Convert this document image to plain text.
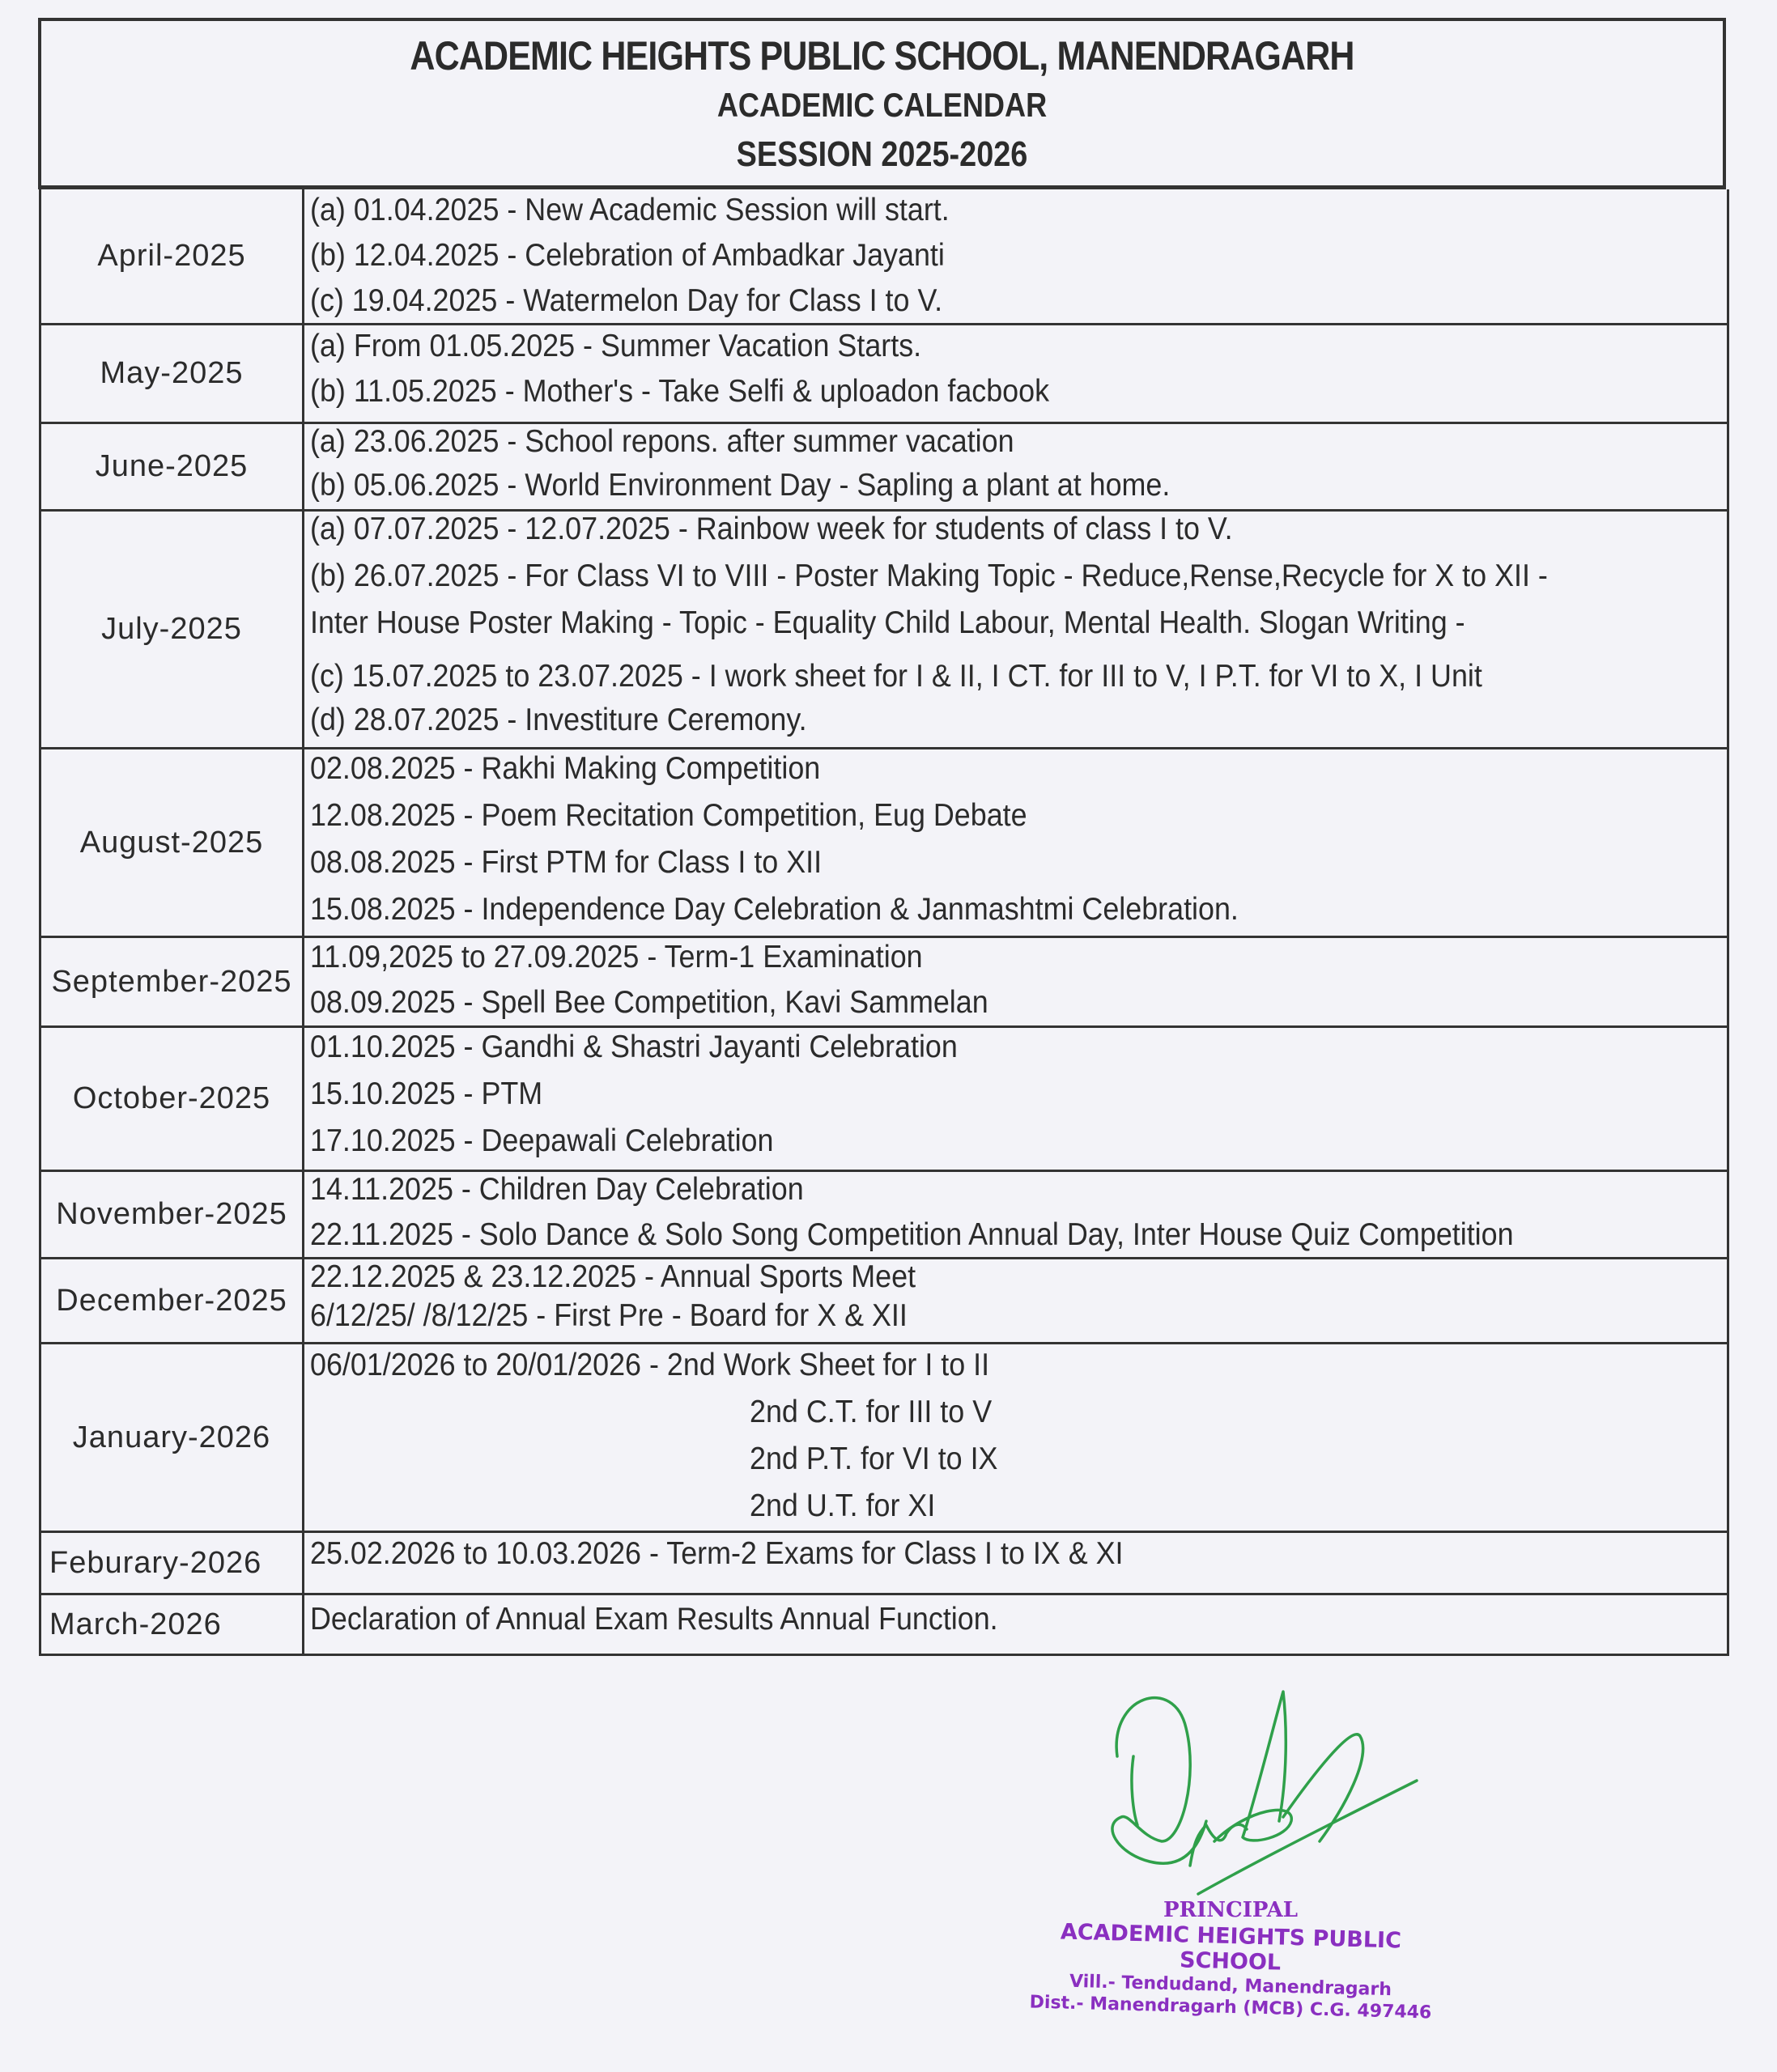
ACADEMIC HEIGHTS PUBLIC SCHOOL, MANENDRAGARH
ACADEMIC CALENDAR
SESSION 2025-2026
April-2025
(a) 01.04.2025 - New Academic Session will start.
(b) 12.04.2025 - Celebration of Ambadkar Jayanti
(c) 19.04.2025 - Watermelon Day for Class I to V.
May-2025
(a) From 01.05.2025 - Summer Vacation Starts.
(b) 11.05.2025 - Mother's - Take Selfi & uploadon facbook
June-2025
(a) 23.06.2025 - School repons. after summer vacation
(b) 05.06.2025 - World Environment Day - Sapling a plant at home.
July-2025
(a) 07.07.2025 - 12.07.2025 - Rainbow week for students of class I to V.
(b) 26.07.2025 - For Class VI to VIII - Poster Making Topic - Reduce,Rense,Recycle for X to XII -
Inter House Poster Making - Topic - Equality Child Labour, Mental Health. Slogan Writing -
(c) 15.07.2025 to 23.07.2025 - I work sheet for I & II, I CT. for III to V, I P.T. for VI to X, I Unit
(d) 28.07.2025 - Investiture Ceremony.
August-2025
02.08.2025 - Rakhi Making Competition
12.08.2025 - Poem Recitation Competition, Eug Debate
08.08.2025 - First PTM for Class I to XII
15.08.2025 - Independence Day Celebration & Janmashtmi Celebration.
September-2025
11.09,2025 to 27.09.2025 - Term-1 Examination
08.09.2025 - Spell Bee Competition, Kavi Sammelan
October-2025
01.10.2025 - Gandhi & Shastri Jayanti Celebration
15.10.2025 - PTM
17.10.2025 - Deepawali Celebration
November-2025
14.11.2025 - Children Day Celebration
22.11.2025 - Solo Dance & Solo Song Competition Annual Day, Inter House Quiz Competition
December-2025
22.12.2025 & 23.12.2025 - Annual Sports Meet
6/12/25/ /8/12/25 - First Pre - Board for X & XII
January-2026
06/01/2026 to 20/01/2026 - 2nd Work Sheet for I to II
2nd C.T. for III to V
2nd P.T. for VI to IX
2nd U.T. for XI
Feburary-2026	25.02.2026 to 10.03.2026 - Term-2 Exams for Class I to IX & XI
March-2026	Declaration of Annual Exam Results Annual Function.
PRINCIPAL
ACADEMIC HEIGHTS PUBLIC SCHOOL
Vill.- Tendudand, Manendragarh
Dist.- Manendragarh (MCB) C.G. 497446
